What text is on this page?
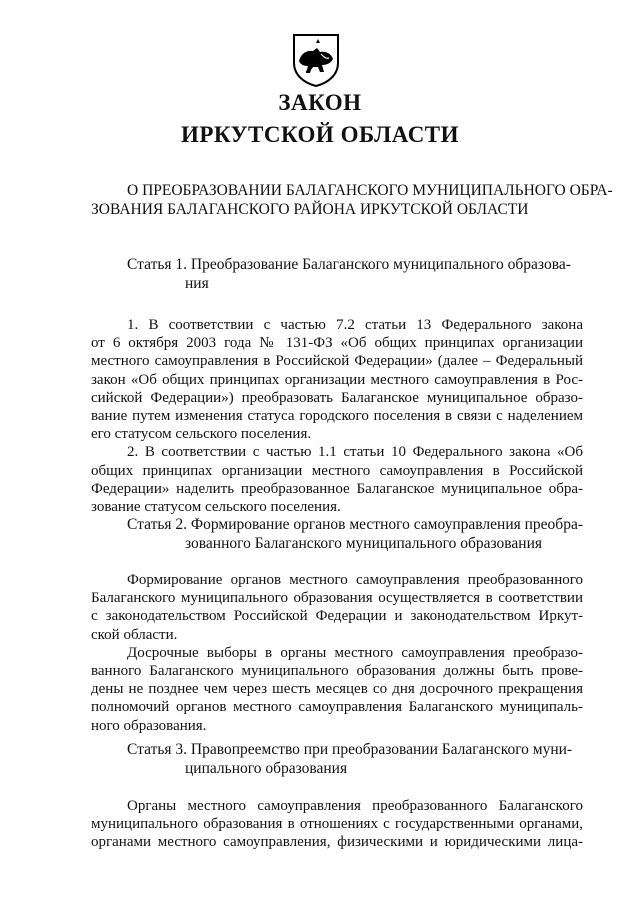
ЗАКОН
ИРКУТСКОЙ ОБЛАСТИ
О ПРЕОБРАЗОВАНИИ БАЛАГАНСКОГО МУНИЦИПАЛЬНОГО ОБРА-
ЗОВАНИЯ БАЛАГАНСКОГО РАЙОНА ИРКУТСКОЙ ОБЛАСТИ
Статья 1. Преобразование Балаганского муниципального образова-
ния
1. В соответствии с частью 7.2 статьи 13 Федерального закона
от 6 октября 2003 года № 131-ФЗ «Об общих принципах организации
местного самоуправления в Российской Федерации» (далее – Федеральный
закон «Об общих принципах организации местного самоуправления в Рос-
сийской Федерации») преобразовать Балаганское муниципальное образо-
вание путем изменения статуса городского поселения в связи с наделением
его статусом сельского поселения.
2. В соответствии с частью 1.1 статьи 10 Федерального закона «Об
общих принципах организации местного самоуправления в Российской
Федерации» наделить преобразованное Балаганское муниципальное обра-
зование статусом сельского поселения.
Статья 2. Формирование органов местного самоуправления преобра-
зованного Балаганского муниципального образования
Формирование органов местного самоуправления преобразованного
Балаганского муниципального образования осуществляется в соответствии
с законодательством Российской Федерации и законодательством Иркут-
ской области.
Досрочные выборы в органы местного самоуправления преобразо-
ванного Балаганского муниципального образования должны быть прове-
дены не позднее чем через шесть месяцев со дня досрочного прекращения
полномочий органов местного самоуправления Балаганского муниципаль-
ного образования.
Статья 3. Правопреемство при преобразовании Балаганского муни-
ципального образования
Органы местного самоуправления преобразованного Балаганского
муниципального образования в отношениях с государственными органами,
органами местного самоуправления, физическими и юридическими лица-
